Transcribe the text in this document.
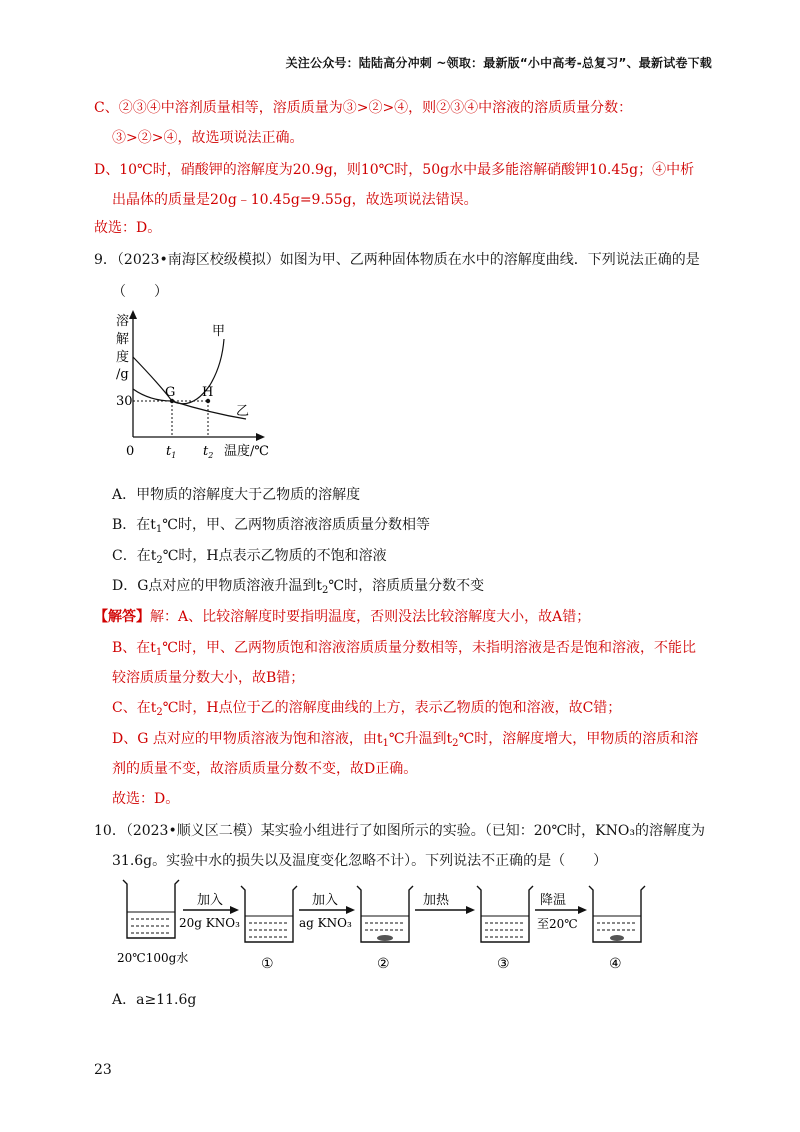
关注公众号：陆陆高分冲刺 ~领取：最新版“小中高考-总复习”、最新试卷下载
C、②③④中溶剂质量相等，溶质质量为③>②>④，则②③④中溶液的溶质质量分数：
③>②>④，故选项说法正确。
D、10℃时，硝酸钾的溶解度为20.9g，则10℃时，50g水中最多能溶解硝酸钾10.45g；④中析
出晶体的质量是20g﹣10.45g=9.55g，故选项说法错误。
故选：D。
9．（2023•南海区校级模拟）如图为甲、乙两种固体物质在水中的溶解度曲线．下列说法正确的是
（　　）
溶
解
度
/g
甲
乙
G H
30
0 $t_1$ $t_2$ 温度/℃
A．甲物质的溶解度大于乙物质的溶解度
B．在$t_1℃$时，甲、乙两物质溶液溶质质量分数相等
C．在$t_2℃$时，H点表示乙物质的不饱和溶液
D．G点对应的甲物质溶液升温到$t_2℃$时，溶质质量分数不变
【解答】解：A、比较溶解度时要指明温度，否则没法比较溶解度大小，故A错；
B、在$t_1℃$时，甲、乙两物质饱和溶液溶质质量分数相等，未指明溶液是否是饱和溶液，不能比
较溶质质量分数大小，故B错；
C、在$t_2℃$时，H点位于乙的溶解度曲线的上方，表示乙物质的饱和溶液，故C错；
D、G 点对应的甲物质溶液为饱和溶液，由$t_1℃$升温到$t_2℃$时，溶解度增大，甲物质的溶质和溶
剂的质量不变，故溶质质量分数不变，故D正确。
故选：D。
10．（2023•顺义区二模）某实验小组进行了如图所示的实验。（已知：20℃时，KNO₃的溶解度为
31.6g。实验中水的损失以及温度变化忽略不计）。下列说法不正确的是（　　）
20℃100g水
加入
20g KNO₃
①
加入
ag KNO₃
②
加热
③
降温
至20℃
④
A．a≥11.6g
23
